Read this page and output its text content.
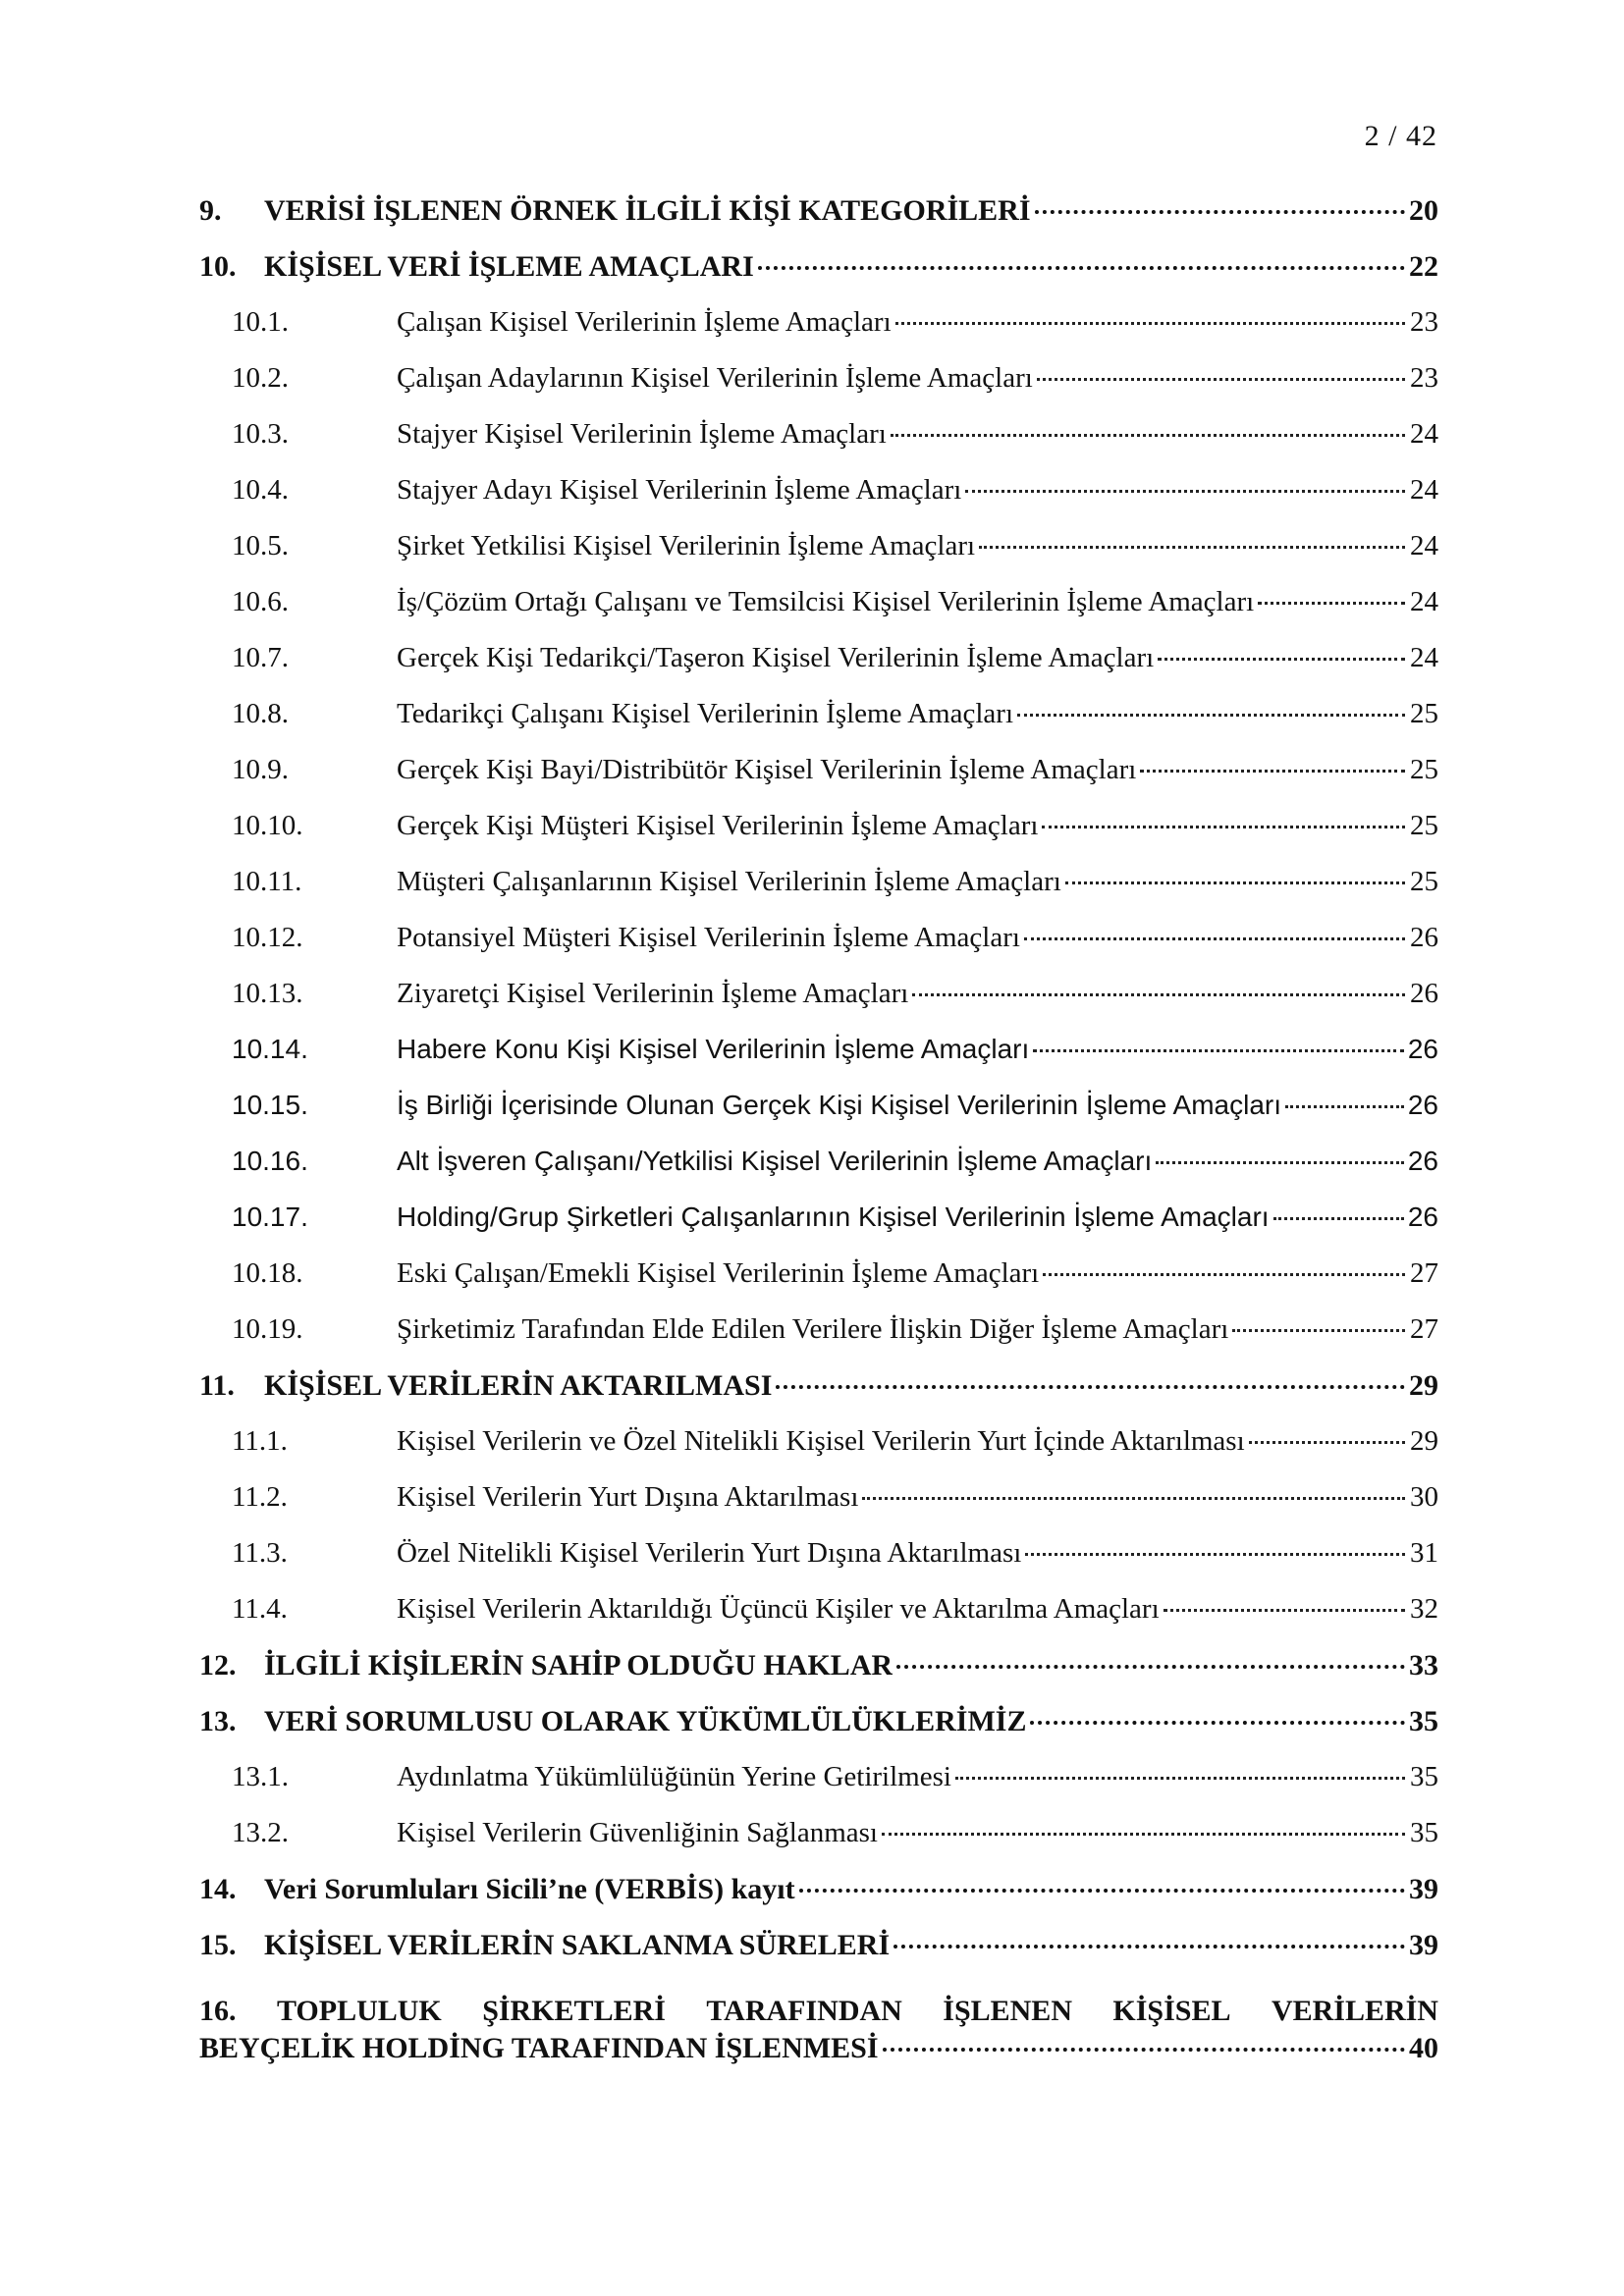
2 / 42
9.	VERİSİ İŞLENEN ÖRNEK İLGİLİ KİŞİ KATEGORİLERİ	20
10. KİŞİSEL VERİ İŞLEME AMAÇLARI	22
10.1.	Çalışan Kişisel Verilerinin İşleme Amaçları	23
10.2.	Çalışan Adaylarının Kişisel Verilerinin İşleme Amaçları	23
10.3.	Stajyer Kişisel Verilerinin İşleme Amaçları	24
10.4.	Stajyer Adayı Kişisel Verilerinin İşleme Amaçları	24
10.5.	Şirket Yetkilisi Kişisel Verilerinin İşleme Amaçları	24
10.6.	İş/Çözüm Ortağı Çalışanı ve Temsilcisi Kişisel Verilerinin İşleme Amaçları	24
10.7.	Gerçek Kişi Tedarikçi/Taşeron Kişisel Verilerinin İşleme Amaçları	24
10.8.	Tedarikçi Çalışanı Kişisel Verilerinin İşleme Amaçları	25
10.9.	Gerçek Kişi Bayi/Distribütör Kişisel Verilerinin İşleme Amaçları	25
10.10.	Gerçek Kişi Müşteri Kişisel Verilerinin İşleme Amaçları	25
10.11.	Müşteri Çalışanlarının Kişisel Verilerinin İşleme Amaçları	25
10.12.	Potansiyel Müşteri Kişisel Verilerinin İşleme Amaçları	26
10.13.	Ziyaretçi Kişisel Verilerinin İşleme Amaçları	26
10.14.	Habere Konu Kişi Kişisel Verilerinin İşleme Amaçları	26
10.15.	İş Birliği İçerisinde Olunan Gerçek Kişi Kişisel Verilerinin İşleme Amaçları	26
10.16.	Alt İşveren Çalışanı/Yetkilisi Kişisel Verilerinin İşleme Amaçları	26
10.17.	Holding/Grup Şirketleri Çalışanlarının Kişisel Verilerinin İşleme Amaçları	26
10.18.	Eski Çalışan/Emekli Kişisel Verilerinin İşleme Amaçları	27
10.19.	Şirketimiz Tarafından Elde Edilen Verilere İlişkin Diğer İşleme Amaçları	27
11.	KİŞİSEL VERİLERİN AKTARILMASI	29
11.1.	Kişisel Verilerin ve Özel Nitelikli Kişisel Verilerin Yurt İçinde Aktarılması	29
11.2.	Kişisel Verilerin Yurt Dışına Aktarılması	30
11.3.	Özel Nitelikli Kişisel Verilerin Yurt Dışına Aktarılması	31
11.4.	Kişisel Verilerin Aktarıldığı Üçüncü Kişiler ve Aktarılma Amaçları	32
12. İLGİLİ KİŞİLERİN SAHİP OLDUĞU HAKLAR	33
13. VERİ SORUMLUSU OLARAK YÜKÜMLÜLÜKLERİMİZ	35
13.1.	Aydınlatma Yükümlülüğünün Yerine Getirilmesi	35
13.2.	Kişisel Verilerin Güvenliğinin Sağlanması	35
14. Veri Sorumluları Sicili’ne (VERBİS) kayıt	39
15. KİŞİSEL VERİLERİN SAKLANMA SÜRELERİ	39
16. TOPLULUK ŞİRKETLERİ TARAFINDAN İŞLENEN KİŞİSEL VERİLERİN
BEYÇELİK HOLDİNG TARAFINDAN İŞLENMESİ	40
